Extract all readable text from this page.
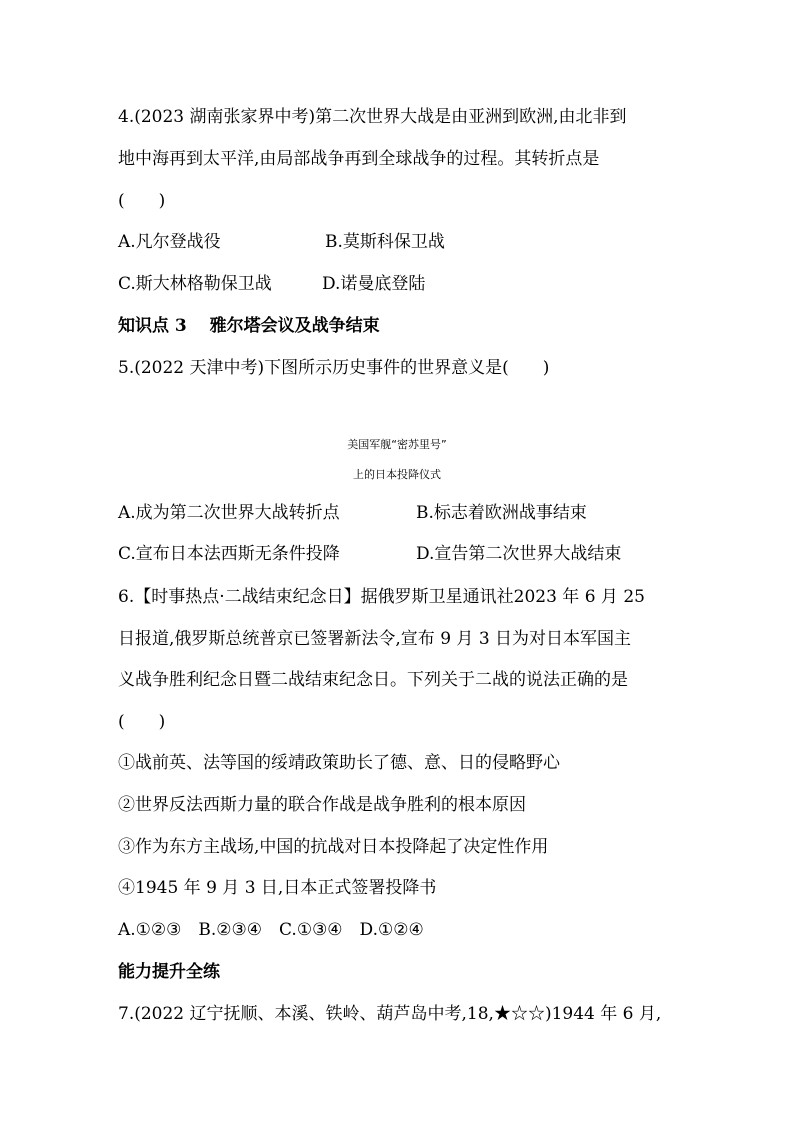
4.(2023 湖南张家界中考)第二次世界大战是由亚洲到欧洲,由北非到
地中海再到太平洋,由局部战争再到全球战争的过程。其转折点是
(　　)
A.凡尔登战役	B.莫斯科保卫战
C.斯大林格勒保卫战	D.诺曼底登陆
知识点 3　 雅尔塔会议及战争结束
5.(2022 天津中考)下图所示历史事件的世界意义是(　　)
美国军舰“密苏里号”
上的日本投降仪式
A.成为第二次世界大战转折点	B.标志着欧洲战事结束
C.宣布日本法西斯无条件投降	D.宣告第二次世界大战结束
6.【时事热点·二战结束纪念日】据俄罗斯卫星通讯社2023 年 6 月 25
日报道,俄罗斯总统普京已签署新法令,宣布 9 月 3 日为对日本军国主
义战争胜利纪念日暨二战结束纪念日。下列关于二战的说法正确的是
(　　)
①战前英、法等国的绥靖政策助长了德、意、日的侵略野心
②世界反法西斯力量的联合作战是战争胜利的根本原因
③作为东方主战场,中国的抗战对日本投降起了决定性作用
④1945 年 9 月 3 日,日本正式签署投降书
A.①②③　B.②③④　C.①③④　D.①②④
能力提升全练
7.(2022 辽宁抚顺、本溪、铁岭、葫芦岛中考,18,★☆☆)1944 年 6 月,
